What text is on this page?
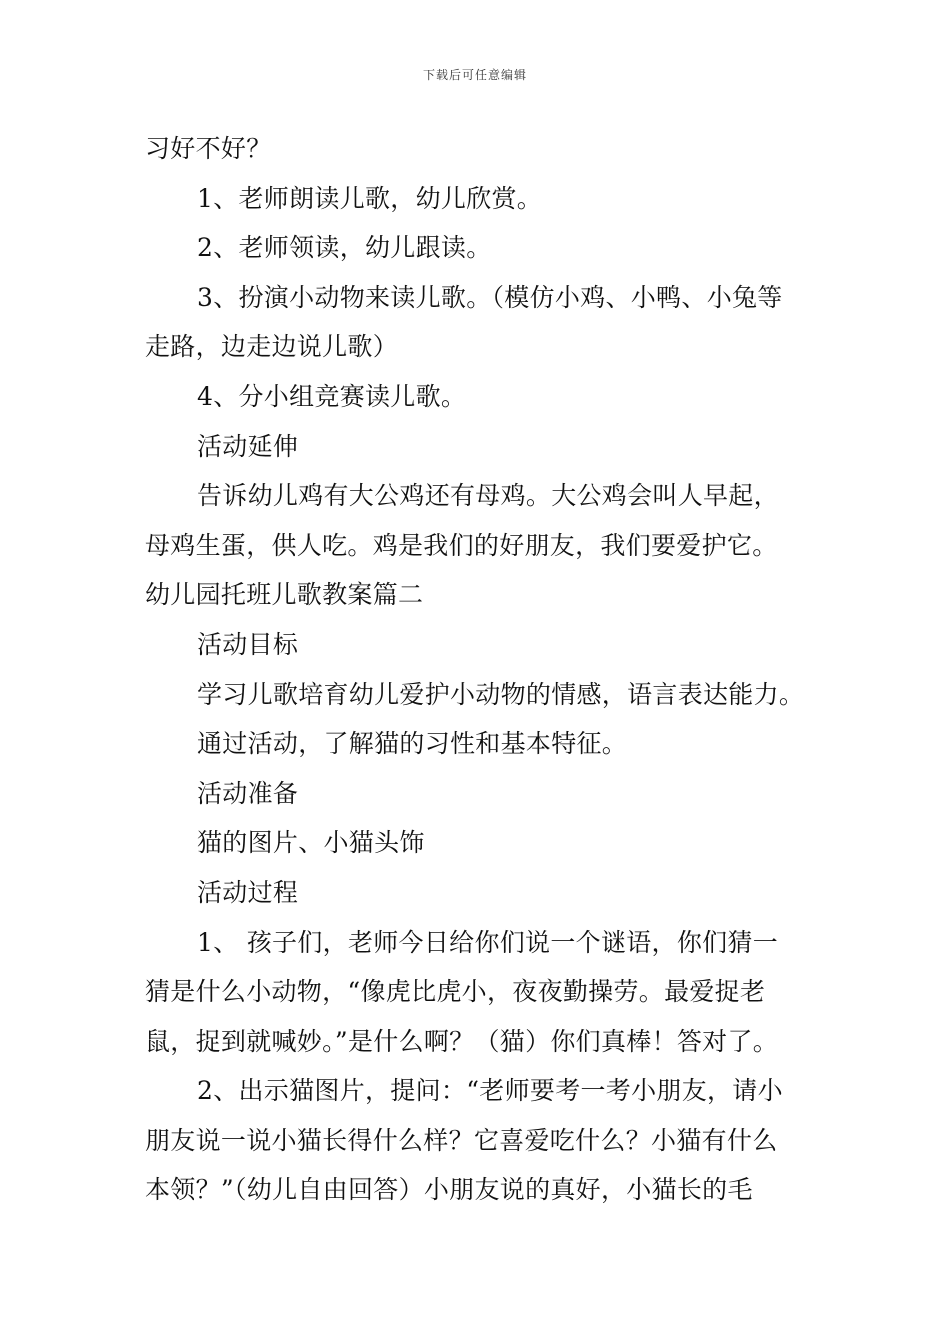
下载后可任意编辑
习好不好？
1、老师朗读儿歌，幼儿欣赏。
2、老师领读，幼儿跟读。
3、扮演小动物来读儿歌。（模仿小鸡、小鸭、小兔等
走路，边走边说儿歌）
4、分小组竞赛读儿歌。
活动延伸
告诉幼儿鸡有大公鸡还有母鸡。大公鸡会叫人早起，
母鸡生蛋，供人吃。鸡是我们的好朋友，我们要爱护它。
幼儿园托班儿歌教案篇二
活动目标
学习儿歌培育幼儿爱护小动物的情感，语言表达能力。
通过活动，了解猫的习性和基本特征。
活动准备
猫的图片、小猫头饰
活动过程
1、 孩子们，老师今日给你们说一个谜语，你们猜一
猜是什么小动物，“像虎比虎小，夜夜勤操劳。最爱捉老
鼠，捉到就喊妙。”是什么啊？（猫）你们真棒！答对了。
2、出示猫图片，提问：“老师要考一考小朋友，请小
朋友说一说小猫长得什么样？它喜爱吃什么？小猫有什么
本领？”（幼儿自由回答）小朋友说的真好，小猫长的毛
